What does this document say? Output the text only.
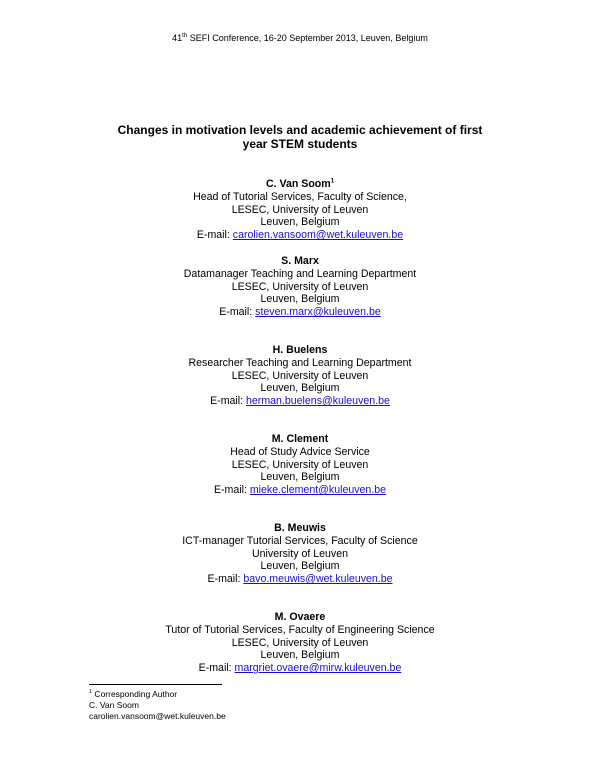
41th SEFI Conference, 16-20 September 2013, Leuven, Belgium
Changes in motivation levels and academic achievement of first
year STEM students
C. Van Soom$^1$
Head of Tutorial Services, Faculty of Science,
LESEC, University of Leuven
Leuven, Belgium
E-mail: carolien.vansoom@wet.kuleuven.be
S. Marx
Datamanager Teaching and Learning Department
LESEC, University of Leuven
Leuven, Belgium
E-mail: steven.marx@kuleuven.be
H. Buelens
Researcher Teaching and Learning Department
LESEC, University of Leuven
Leuven, Belgium
E-mail: herman.buelens@kuleuven.be
M. Clement
Head of Study Advice Service
LESEC, University of Leuven
Leuven, Belgium
E-mail: mieke.clement@kuleuven.be
B. Meuwis
ICT-manager Tutorial Services, Faculty of Science
University of Leuven
Leuven, Belgium
E-mail: bavo.meuwis@wet.kuleuven.be
M. Ovaere
Tutor of Tutorial Services, Faculty of Engineering Science
LESEC, University of Leuven
Leuven, Belgium
E-mail: margriet.ovaere@mirw.kuleuven.be
$^1$ Corresponding Author
C. Van Soom
carolien.vansoom@wet.kuleuven.be
